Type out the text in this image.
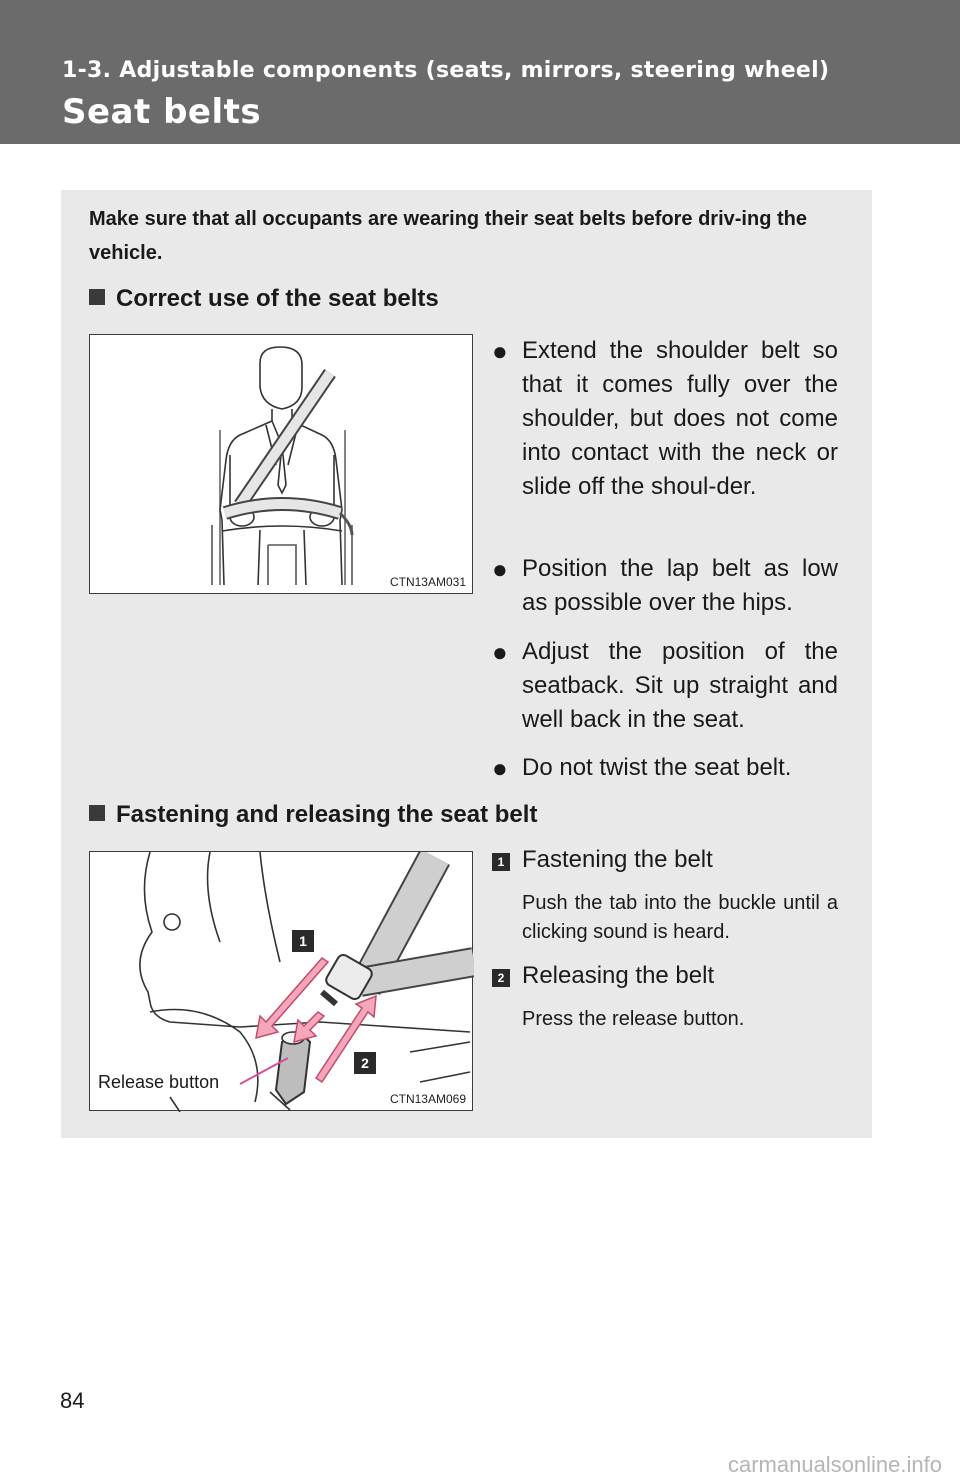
1-3. Adjustable components (seats, mirrors, steering wheel)
Seat belts
Make sure that all occupants are wearing their seat belts before driv-ing the vehicle.
Correct use of the seat belts
CTN13AM031
● Extend the shoulder belt so that it comes fully over the shoulder, but does not come into contact with the neck or slide off the shoul-der.
● Position the lap belt as low as possible over the hips.
● Adjust the position of the seatback. Sit up straight and well back in the seat.
● Do not twist the seat belt.
Fastening and releasing the seat belt
1
2
Release button
CTN13AM069
1 Fastening the belt
Push the tab into the buckle until a clicking sound is heard.
2 Releasing the belt
Press the release button.
84
carmanualsonline.info
